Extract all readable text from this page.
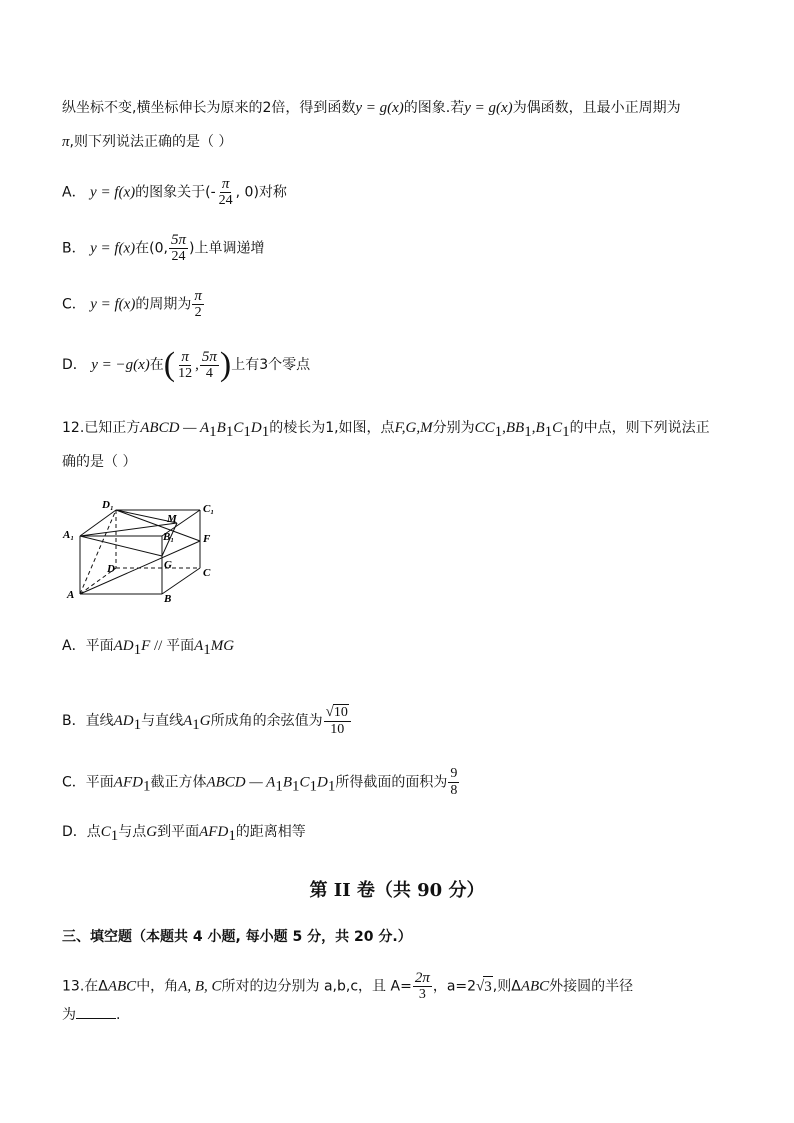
纵坐标不变,横坐标伸长为原来的2倍，得到函数y = g(x)的图象.若y = g(x)为偶函数，且最小正周期为
π,则下列说法正确的是（ ）
A． y = f(x)的图象关于(- $\frac{\pi}{24}$ , 0)对称
B． y = f(x)在(0, $\frac{5\pi}{24}$ )上单调递增
C． y = f(x)的周期为 $\frac{\pi}{2}$
D． y = −g(x)在( $\frac{\pi}{12}$ , $\frac{5\pi}{4}$ )上有3个零点
12.已知正方ABCD — $A_1B_1C_1D_1$的棱长为1,如图，点F,G,M分别为$CC_1,BB_1,B_1C_1$的中点，则下列说法正
确的是（ ）
D₁	C₁
A₁
M
B₁	F
D	G
C
A	B
A．平面$AD_1F$ // 平面$A_1MG$
B．直线$AD_1$与直线$A_1G$所成角的余弦值为 $\frac{√10}{10}$
C．平面$AFD_1$截正方体ABCD — $A_1B_1C_1D_1$所得截面的面积为 $\frac{9}{8}$
D．点$C_1$与点G到平面$AFD_1$的距离相等
第 II 卷（共 90 分）
三、填空题（本题共 4 小题, 每小题 5 分，共 20 分.）
13.在ΔABC中，角A, B, C所对的边分别为 a,b,c，且 $A= \frac{2\pi}{3}$ ，a=2√3,则ΔABC外接圆的半径
为	.
